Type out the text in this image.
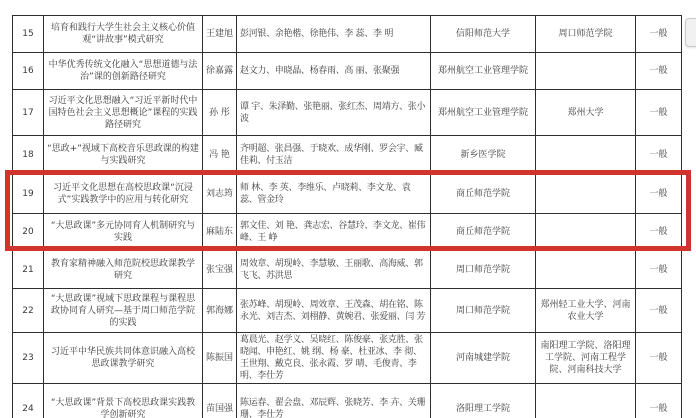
15	培育和践行大学生社会主义核心价值观“讲故事”模式研究	王建旭	彭河银、余艳楷、徐艳伟、李 蕊、李 明	信阳师范大学	周口师范学院	一般
16	中华优秀传统文化融入“思想道德与法治”课的创新路径研究	徐嘉露	赵文力、申晓晶、杨春雨、高 丽、张聚强	郑州航空工业管理学院		一般
17	习近平文化思想融入“习近平新时代中国特色社会主义思想概论”课程的实践路径研究	孙 彤	谭 宇、朱泽勤、张艳丽、张红杰、周靖方、张小波	郑州航空工业管理学院	郑州大学	一般
18	“思政+”视域下高校音乐思政课的构建与实践研究	冯 艳	齐明超、张昌强、于晓欢、成华刚、罗会宇、臧佳莉、付玉洁	新乡医学院		一般
19	习近平文化思想在高校思政课“沉浸式”实践教学中的应用与转化研究	刘志筠	师 林、李 英、李维乐、卢晓莉、李文龙、袁 蕊、管金玲	商丘师范学院		一般
20	“大思政课”多元协同育人机制研究与实践	麻陆东	郭文佳、刘 艳、龚志宏、谷慧玲、李文龙、崔伟峰、王 峥	商丘师范学院		一般
21	教育家精神融入师范院校思政课教学研究	张宝强	周效章、胡现岭、李慧敏、王丽歌、高海威、郭飞飞、苏洪思	周口师范学院		一般
22	“大思政课”视域下思政课程与课程思政协同育人研究—基于周口师范学院的实践	郭海娜	张苏峰、胡现岭、周效章、王茂森、胡在铭、陈永光、刘吉杰、刘栩静、黄婉君、张爱丽、闫 芳	周口师范学院	郑州轻工业大学、河南农业大学	一般
23	习近平中华民族共同体意识融入高校思政课教学研究	陈振国	葛晨光、赵学义、吴晓红、陈俊豪、张克胜、张晓闻、申艳红、姚 纲、杨 豪、杜亚冰、李 彻、王世翔、戴克良、张永霞、罗 晴、毛俊青、李 明、李仕芳	河南城建学院	南阳理工学院、洛阳理工学院、河南工程学院、河南科技大学	一般
24	“大思政课”背景下高校思政课实践教学创新研究	苗国强	陈运春、翟会盘、邓辰辉、张晓芳、李 卉、关珊珊、李仕芳	洛阳理工学院		一般
